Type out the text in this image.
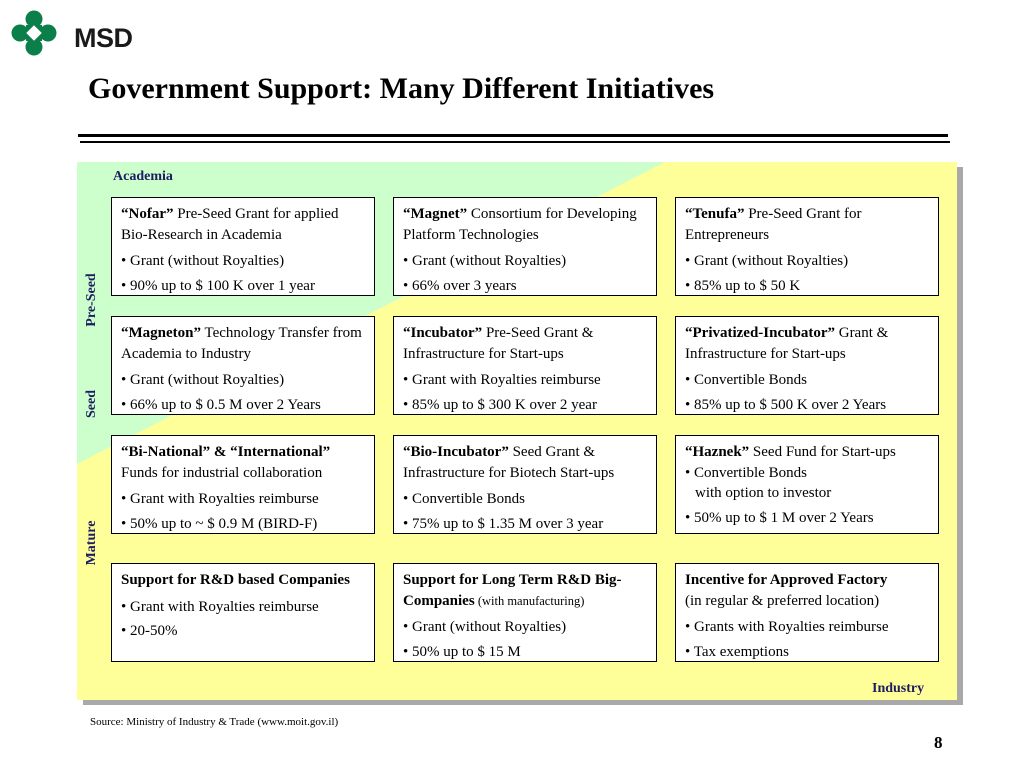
MSD
Government Support: Many Different Initiatives
Academia
Industry
Pre-Seed
Seed
Mature
“Nofar” Pre-Seed Grant for applied Bio-Research in Academia
• Grant (without Royalties)
• 90% up to $ 100 K over 1 year
“Magnet” Consortium for Developing Platform Technologies
• Grant (without Royalties)
• 66% over 3 years
“Tenufa” Pre-Seed Grant for Entrepreneurs
• Grant (without Royalties)
• 85% up to $ 50 K
“Magneton” Technology Transfer from Academia to Industry
• Grant (without Royalties)
• 66% up to $ 0.5 M over 2 Years
“Incubator” Pre-Seed Grant & Infrastructure for Start-ups
• Grant with Royalties reimburse
• 85% up to $ 300 K over 2 year
“Privatized-Incubator” Grant & Infrastructure for Start-ups
• Convertible Bonds
• 85% up to $ 500 K over 2 Years
“Bi-National” & “International” Funds for industrial collaboration
• Grant with Royalties reimburse
• 50% up to ~ $ 0.9 M (BIRD-F)
“Bio-Incubator” Seed Grant & Infrastructure for Biotech Start-ups
• Convertible Bonds
• 75% up to $ 1.35 M over 3 year
“Haznek” Seed Fund for Start-ups
• Convertible Bonds
with option to investor
• 50% up to $ 1 M over 2 Years
Support for R&D based Companies
• Grant with Royalties reimburse
• 20-50%
Support for Long Term R&D Big-Companies (with manufacturing)
• Grant (without Royalties)
• 50% up to $ 15 M
Incentive for Approved Factory
(in regular & preferred location)
• Grants with Royalties reimburse
• Tax exemptions
Source: Ministry of Industry & Trade (www.moit.gov.il)
8
